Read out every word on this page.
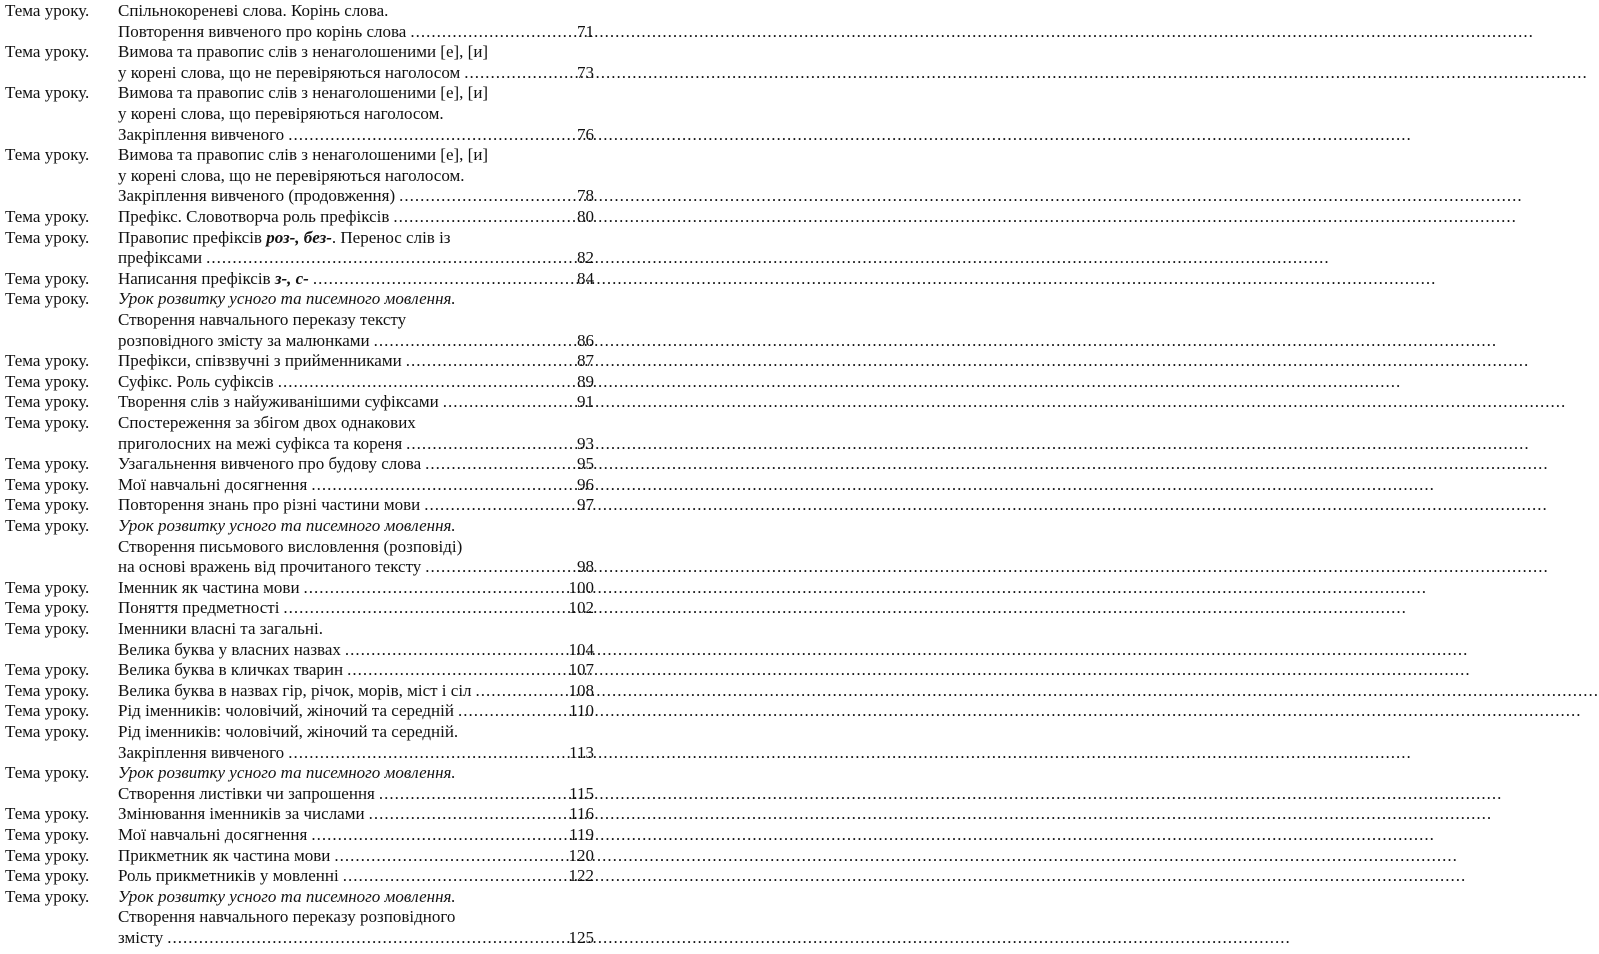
Тема уроку. Спільнокореневі слова. Корінь слова.
Повторення вивченого про корінь слова .....	71
Тема уроку. Вимова та правопис слів з ненаголошеними [е], [и]
у корені слова, що не перевіряються наголосом .....	73
Тема уроку. Вимова та правопис слів з ненаголошеними [е], [и]
у корені слова, що перевіряються наголосом.
Закріплення вивченого .....	76
Тема уроку. Вимова та правопис слів з ненаголошеними [е], [и]
у корені слова, що не перевіряються наголосом.
Закріплення вивченого (продовження) .....	78
Тема уроку. Префікс. Словотворча роль префіксів .....	80
Тема уроку. Правопис префіксів роз-, без-. Перенос слів із
префіксами .....	82
Тема уроку. Написання префіксів з-, с- .....	84
Тема уроку. Урок розвитку усного та писемного мовлення.
Створення навчального переказу тексту
розповідного змісту за малюнками .....	86
Тема уроку. Префікси, співзвучні з прийменниками .....	87
Тема уроку. Суфікс. Роль суфіксів .....	89
Тема уроку. Творення слів з найуживанішими суфіксами .....	91
Тема уроку. Спостереження за збігом двох однакових
приголосних на межі суфікса та кореня .....	93
Тема уроку. Узагальнення вивченого про будову слова .....	95
Тема уроку. Мої навчальні досягнення .....	96
Тема уроку. Повторення знань про різні частини мови .....	97
Тема уроку. Урок розвитку усного та писемного мовлення.
Створення письмового висловлення (розповіді)
на основі вражень від прочитаного тексту .....	98
Тема уроку. Іменник як частина мови .....	100
Тема уроку. Поняття предметності .....	102
Тема уроку. Іменники власні та загальні.
Велика буква у власних назвах .....	104
Тема уроку. Велика буква в кличках тварин .....	107
Тема уроку. Велика буква в назвах гір, річок, морів, міст і сіл .....	108
Тема уроку. Рід іменників: чоловічий, жіночий та середній .....	110
Тема уроку. Рід іменників: чоловічий, жіночий та середній.
Закріплення вивченого .....	113
Тема уроку. Урок розвитку усного та писемного мовлення.
Створення листівки чи запрошення .....	115
Тема уроку. Змінювання іменників за числами .....	116
Тема уроку. Мої навчальні досягнення .....	119
Тема уроку. Прикметник як частина мови .....	120
Тема уроку. Роль прикметників у мовленні .....	122
Тема уроку. Урок розвитку усного та писемного мовлення.
Створення навчального переказу розповідного
змісту .....	125
